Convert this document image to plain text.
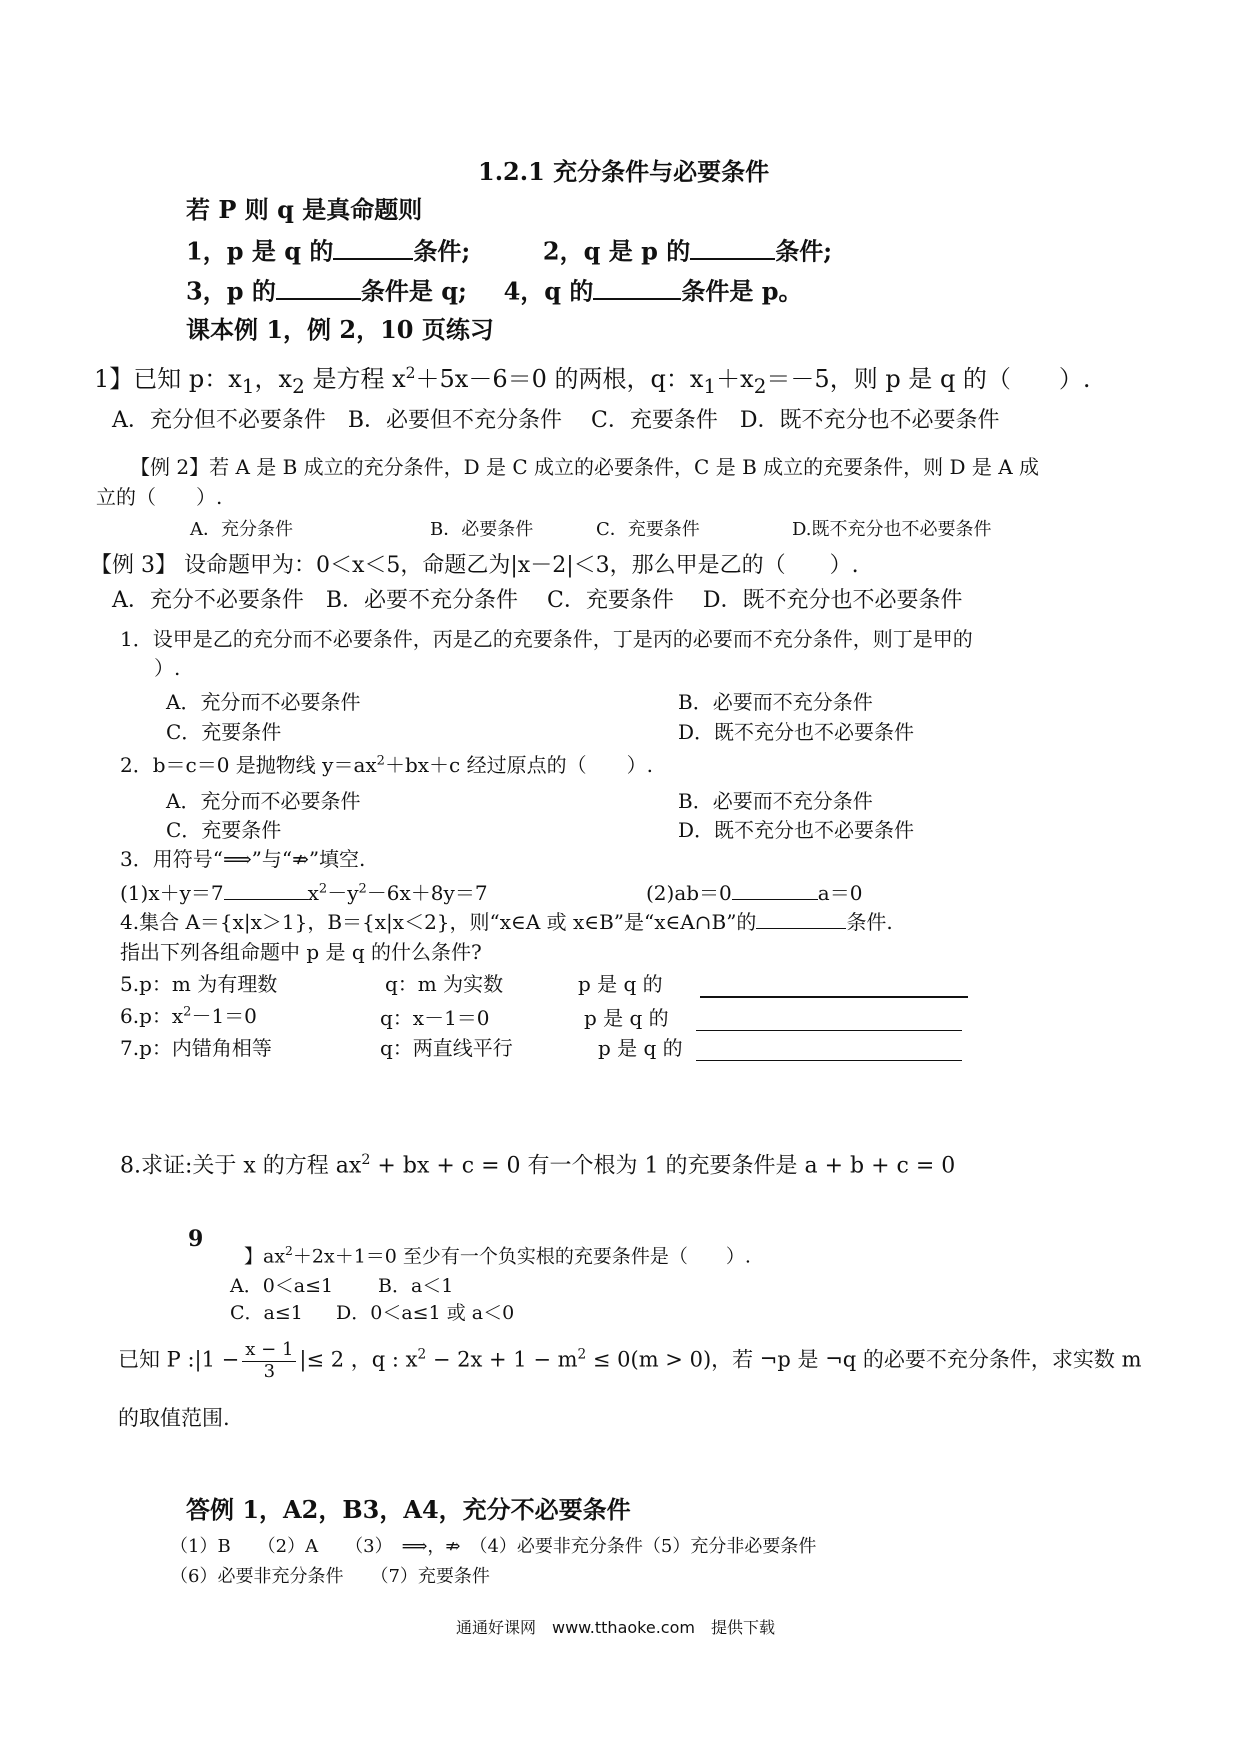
1.2.1 充分条件与必要条件
若 P 则 q 是真命题则
1，p 是 q 的	条件;	2，q 是 p 的	条件;
3，p 的	条件是 q; 4，q 的	条件是 p。
课本例 1，例 2，10 页练习
1】已知 p：$x_1$，$x_2$ 是方程 $x^2+5x-6=0$ 的两根，q：$x_1+x_2=-5$，则 p 是 q 的（　　）.
A．充分但不必要条件　B．必要但不充分条件　 C．充要条件　D．既不充分也不必要条件
【例 2】若 A 是 B 成立的充分条件，D 是 C 成立的必要条件，C 是 B 成立的充要条件，则 D 是 A 成
立的（　　）.
A．充分条件	B．必要条件	C．充要条件	D.既不充分也不必要条件
【例 3】 设命题甲为：0＜x＜5，命题乙为|x－2|＜3，那么甲是乙的（　　）.
A．充分不必要条件　B．必要不充分条件　 C．充要条件　 D．既不充分也不必要条件
1．设甲是乙的充分而不必要条件，丙是乙的充要条件，丁是丙的必要而不充分条件，则丁是甲的
）.
A．充分而不必要条件	B．必要而不充分条件
C．充要条件	D．既不充分也不必要条件
2．b＝c＝0 是抛物线 $y=ax^2+bx+c$ 经过原点的（　　）.
A．充分而不必要条件	B．必要而不充分条件
C．充要条件	D．既不充分也不必要条件
3．用符号“⟹”与“⇏”填空.
(1)x＋y＝7	$x^2-y^2-6x+8y=7$	(2)ab＝0	a＝0
4.集合 A＝{x|x＞1}，B＝{x|x＜2}，则“x∈A 或 x∈B”是“x∈A∩B”的	条件.
指出下列各组命题中 p 是 q 的什么条件?
5.p：m 为有理数	q：m 为实数	p 是 q 的
6.p：$x^2-1=0$	q：x－1＝0	p 是 q 的
7.p：内错角相等	q：两直线平行	p 是 q 的
8.求证:关于 x 的方程 $ax^2$ + bx + c = 0 有一个根为 1 的充要条件是 a + b + c = 0
9
】$ax^2+2x+1=0$ 至少有一个负实根的充要条件是（　　）.
A．0＜a≤1 B．a＜1
C．a≤1 D．0＜a≤1 或 a＜0
已知 P :|1 − $\frac{x - 1}{3}$ |≤ 2 ，q : $x^2 - 2x + 1 - m^2 \le 0(m > 0)$，若 ¬p 是 ¬q 的必要不充分条件，求实数 m
的取值范围.
答例 1，A2，B3，A4，充分不必要条件
（1）B　　（2）A　　（3）　⟹，⇏　（4）必要非充分条件（5）充分非必要条件
（6）必要非充分条件　　（7）充要条件
通通好课网　www.tthaoke.com　提供下载
